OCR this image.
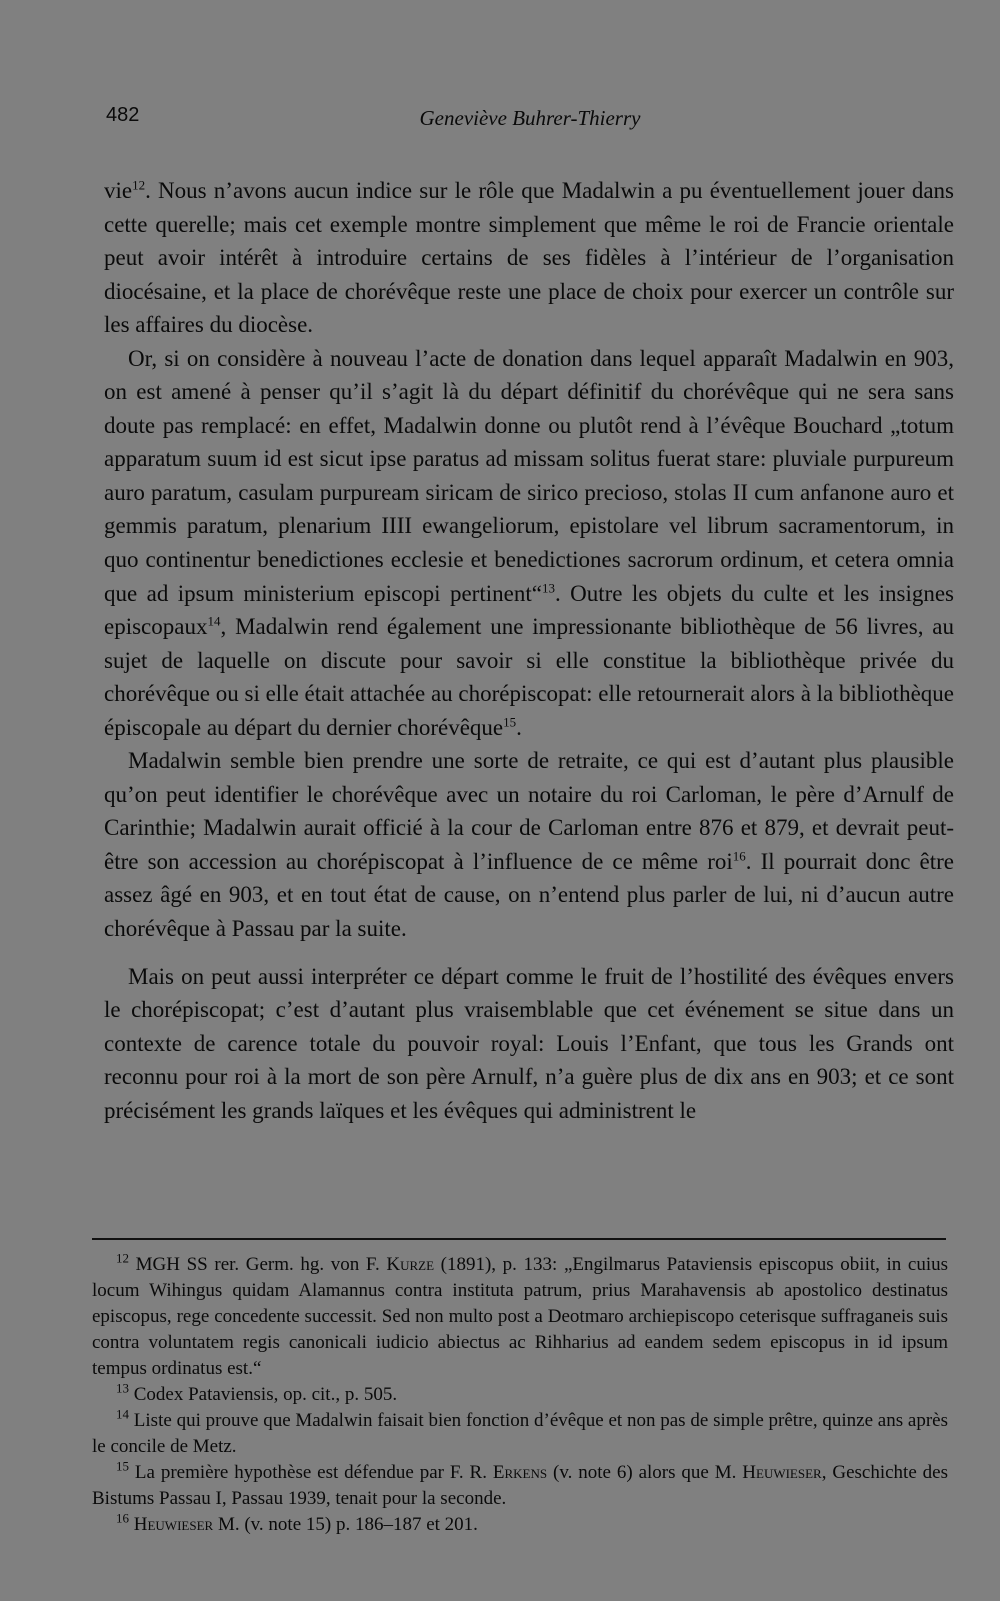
482	Geneviève Buhrer-Thierry

vie$^{12}$. Nous n’avons aucun indice sur le rôle que Madalwin a pu éventuellement jouer dans cette querelle; mais cet exemple montre simplement que même le roi de Francie orientale peut avoir intérêt à introduire certains de ses fidèles à l’intérieur de l’organisation diocésaine, et la place de chorévêque reste une place de choix pour exercer un contrôle sur les affaires du diocèse.

Or, si on considère à nouveau l’acte de donation dans lequel apparaît Madalwin en 903, on est amené à penser qu’il s’agit là du départ définitif du chorévêque qui ne sera sans doute pas remplacé: en effet, Madalwin donne ou plutôt rend à l’évêque Bouchard „totum apparatum suum id est sicut ipse paratus ad missam solitus fuerat stare: pluviale purpureum auro paratum, casulam purpuream siricam de sirico precioso, stolas II cum anfanone auro et gemmis paratum, plenarium IIII ewangeliorum, epistolare vel librum sacramentorum, in quo continentur benedictiones ecclesie et benedictiones sacrorum ordinum, et cetera omnia que ad ipsum ministerium episcopi pertinent“$^{13}$. Outre les objets du culte et les insignes episcopaux$^{14}$, Madalwin rend également une impressionante bibliothèque de 56 livres, au sujet de laquelle on discute pour savoir si elle constitue la bibliothèque privée du chorévêque ou si elle était attachée au chorépiscopat: elle retournerait alors à la bibliothèque épiscopale au départ du dernier chorévêque$^{15}$.

Madalwin semble bien prendre une sorte de retraite, ce qui est d’autant plus plausible qu’on peut identifier le chorévêque avec un notaire du roi Carloman, le père d’Arnulf de Carinthie; Madalwin aurait officié à la cour de Carloman entre 876 et 879, et devrait peut-être son accession au chorépiscopat à l’influence de ce même roi$^{16}$. Il pourrait donc être assez âgé en 903, et en tout état de cause, on n’entend plus parler de lui, ni d’aucun autre chorévêque à Passau par la suite.

Mais on peut aussi interpréter ce départ comme le fruit de l’hostilité des évêques envers le chorépiscopat; c’est d’autant plus vraisemblable que cet événement se situe dans un contexte de carence totale du pouvoir royal: Louis l’Enfant, que tous les Grands ont reconnu pour roi à la mort de son père Arnulf, n’a guère plus de dix ans en 903; et ce sont précisément les grands laïques et les évêques qui administrent le

$^{12}$ MGH SS rer. Germ. hg. von F. Kurze (1891), p. 133: „Engilmarus Pataviensis episcopus obiit, in cuius locum Wihingus quidam Alamannus contra instituta patrum, prius Marahavensis ab apostolico destinatus episcopus, rege concedente successit. Sed non multo post a Deotmaro archiepiscopo ceterisque suffraganeis suis contra voluntatem regis canonicali iudicio abiectus ac Rihharius ad eandem sedem episcopus in id ipsum tempus ordinatus est.“

$^{13}$ Codex Pataviensis, op. cit., p. 505.

$^{14}$ Liste qui prouve que Madalwin faisait bien fonction d’évêque et non pas de simple prêtre, quinze ans après le concile de Metz.

$^{15}$ La première hypothèse est défendue par F. R. Erkens (v. note 6) alors que M. Heuwieser, Geschichte des Bistums Passau I, Passau 1939, tenait pour la seconde.

$^{16}$ Heuwieser M. (v. note 15) p. 186–187 et 201.
